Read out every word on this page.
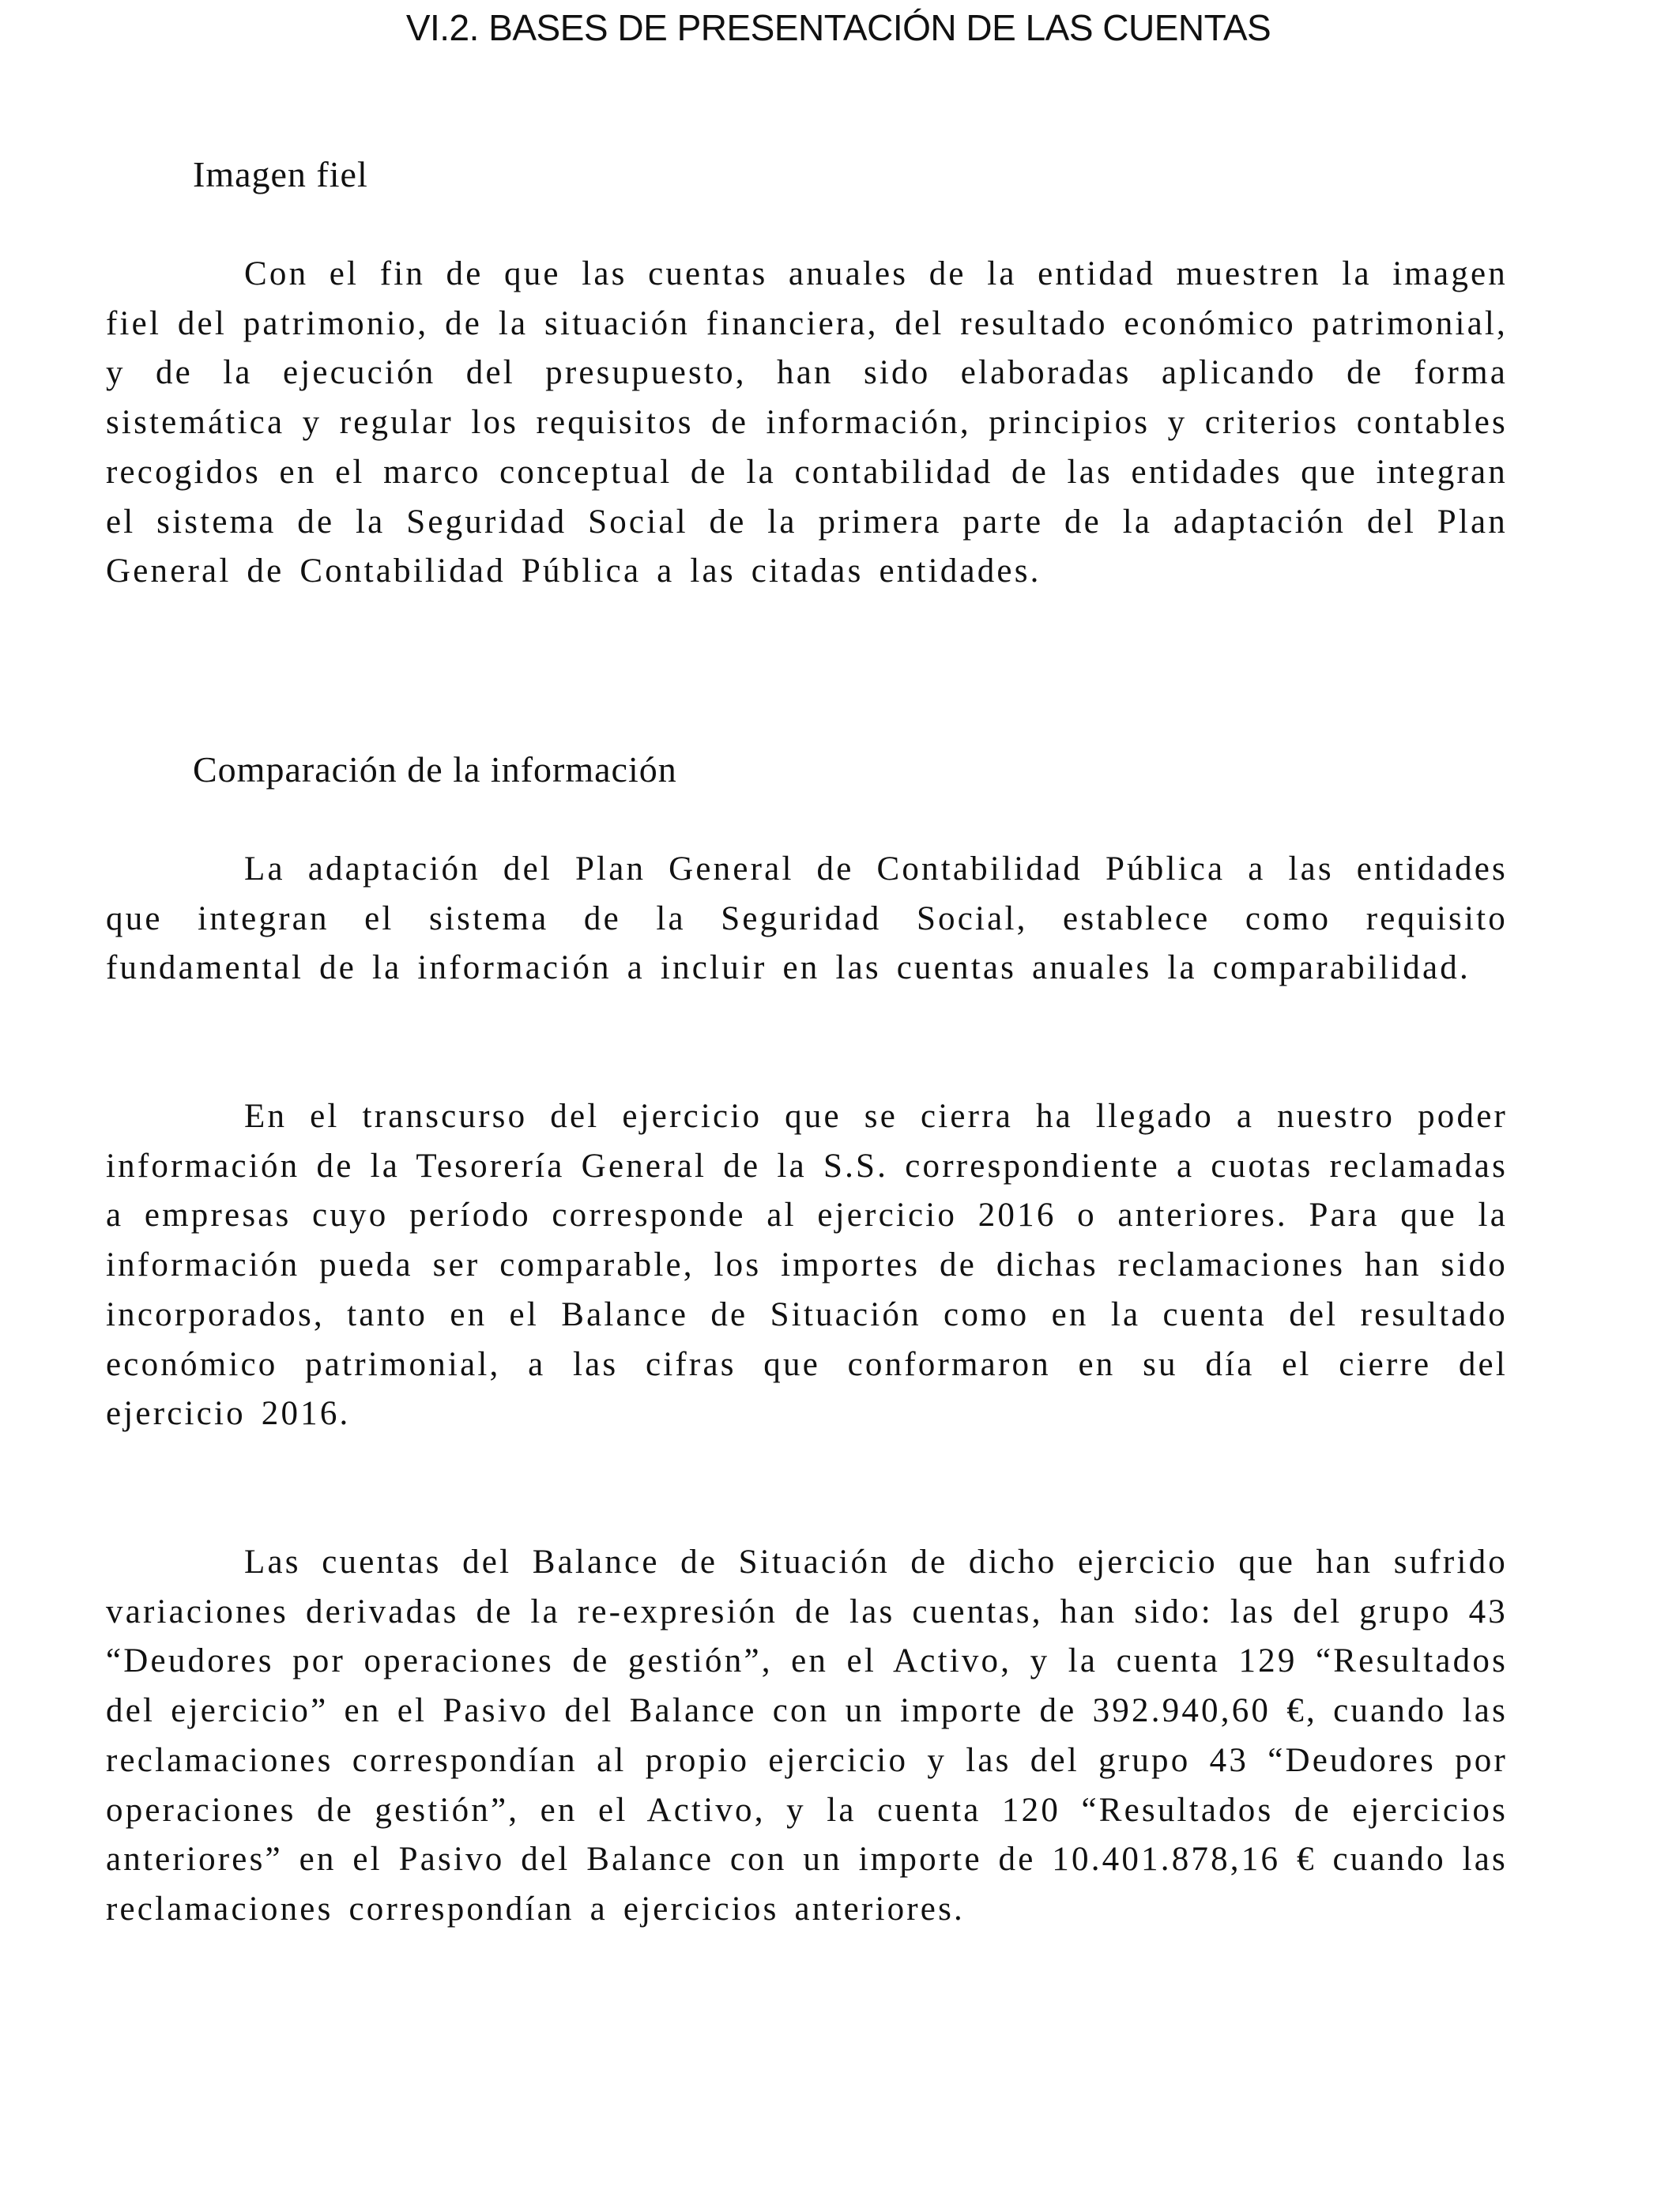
VI.2. BASES DE PRESENTACIÓN DE LAS CUENTAS
Imagen fiel

Con el fin de que las cuentas anuales de la entidad muestren la imagen fiel del patrimonio, de la situación financiera, del resultado económico patrimonial, y de la ejecución del presupuesto, han sido elaboradas aplicando de forma sistemática y regular los requisitos de información, principios y criterios contables recogidos en el marco conceptual de la contabilidad de las entidades que integran el sistema de la Seguridad Social de la primera parte de la adaptación del Plan General de Contabilidad Pública a las citadas entidades.

Comparación de la información

La adaptación del Plan General de Contabilidad Pública a las entidades que integran el sistema de la Seguridad Social, establece como requisito fundamental de la información a incluir en las cuentas anuales la comparabilidad.

En el transcurso del ejercicio que se cierra ha llegado a nuestro poder información de la Tesorería General de la S.S. correspondiente a cuotas reclamadas a empresas cuyo período corresponde al ejercicio 2016 o anteriores. Para que la información pueda ser comparable, los importes de dichas reclamaciones han sido incorporados, tanto en el Balance de Situación como en la cuenta del resultado económico patrimonial, a las cifras que conformaron en su día el cierre del ejercicio 2016.

Las cuentas del Balance de Situación de dicho ejercicio que han sufrido variaciones derivadas de la re-expresión de las cuentas, han sido: las del grupo 43 “Deudores por operaciones de gestión”, en el Activo, y la cuenta 129 “Resultados del ejercicio” en el Pasivo del Balance con un importe de 392.940,60 €, cuando las reclamaciones correspondían al propio ejercicio y las del grupo 43 “Deudores por operaciones de gestión”, en el Activo, y la cuenta 120 “Resultados de ejercicios anteriores” en el Pasivo del Balance con un importe de 10.401.878,16 € cuando las reclamaciones correspondían a ejercicios anteriores.
